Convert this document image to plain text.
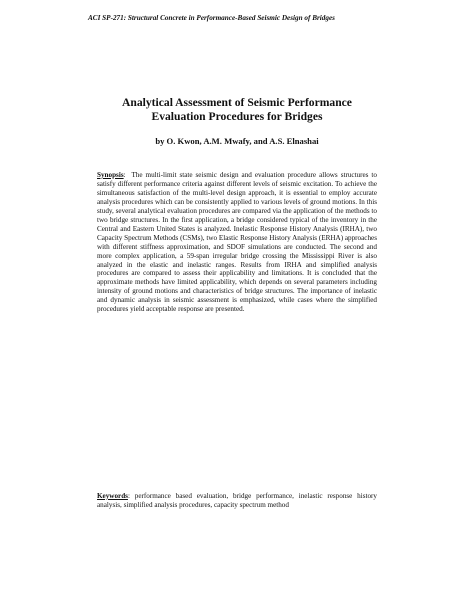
ACI SP-271: Structural Concrete in Performance-Based Seismic Design of Bridges
Analytical Assessment of Seismic Performance
Evaluation Procedures for Bridges
by O. Kwon, A.M. Mwafy, and A.S. Elnashai
Synopsis: The multi-limit state seismic design and evaluation procedure allows structures to satisfy different performance criteria against different levels of seismic excitation. To achieve the simultaneous satisfaction of the multi-level design approach, it is essential to employ accurate analysis procedures which can be consistently applied to various levels of ground motions. In this study, several analytical evaluation procedures are compared via the application of the methods to two bridge structures. In the first application, a bridge considered typical of the inventory in the Central and Eastern United States is analyzed. Inelastic Response History Analysis (IRHA), two Capacity Spectrum Methods (CSMs), two Elastic Response History Analysis (ERHA) approaches with different stiffness approximation, and SDOF simulations are conducted. The second and more complex application, a 59-span irregular bridge crossing the Mississippi River is also analyzed in the elastic and inelastic ranges. Results from IRHA and simplified analysis procedures are compared to assess their applicability and limitations. It is concluded that the approximate methods have limited applicability, which depends on several parameters including intensity of ground motions and characteristics of bridge structures. The importance of inelastic and dynamic analysis in seismic assessment is emphasized, while cases where the simplified procedures yield acceptable response are presented.
Keywords: performance based evaluation, bridge performance, inelastic response history analysis, simplified analysis procedures, capacity spectrum method
